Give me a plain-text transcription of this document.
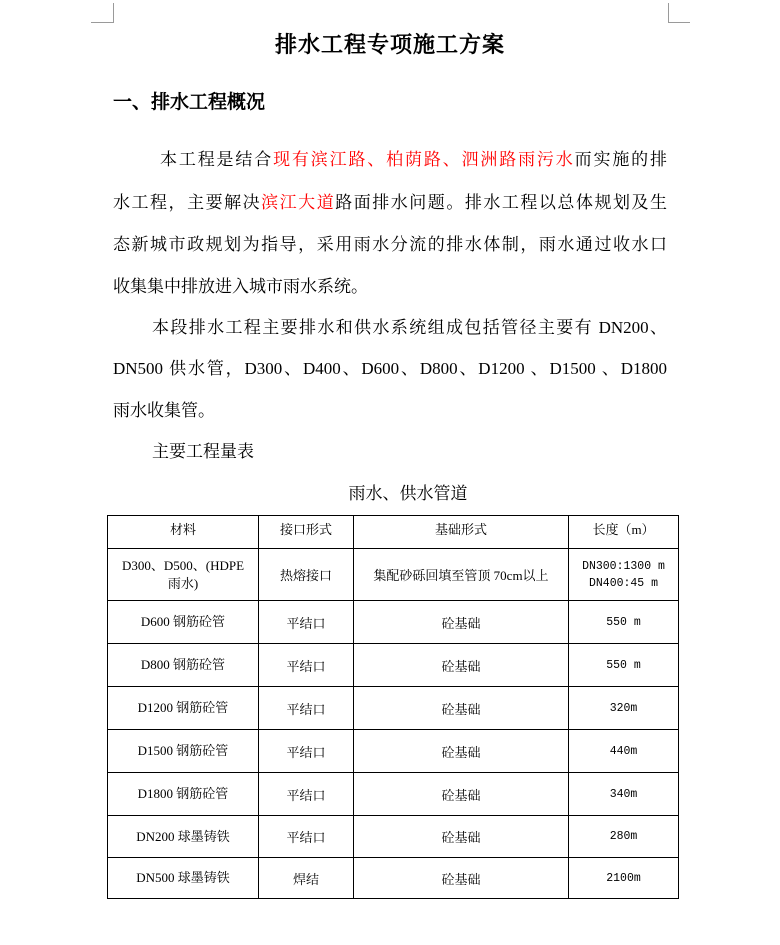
排水工程专项施工方案
一、排水工程概况
本工程是结合现有滨江路、柏荫路、泗洲路雨污水而实施的排
水工程，主要解决滨江大道路面排水问题。排水工程以总体规划及生
态新城市政规划为指导，采用雨水分流的排水体制，雨水通过收水口
收集集中排放进入城市雨水系统。
本段排水工程主要排水和供水系统组成包括管径主要有 DN200、
DN500 供水管，D300、D400、D600、D800、D1200 、D1500 、D1800
雨水收集管。
主要工程量表
雨水、供水管道
材料	接口形式	基础形式	长度（m）
D300、D500、(HDPE 雨水)	热熔接口	集配砂砾回填至管顶 70cm以上	DN300:1300 m
DN400:45 m

D600 钢筋砼管	平结口	砼基础	550 m
D800 钢筋砼管	平结口	砼基础	550 m
D1200 钢筋砼管	平结口	砼基础	320m
D1500 钢筋砼管	平结口	砼基础	440m
D1800 钢筋砼管	平结口	砼基础	340m
DN200 球墨铸铁	平结口	砼基础	280m
DN500 球墨铸铁	焊结	砼基础	2100m
